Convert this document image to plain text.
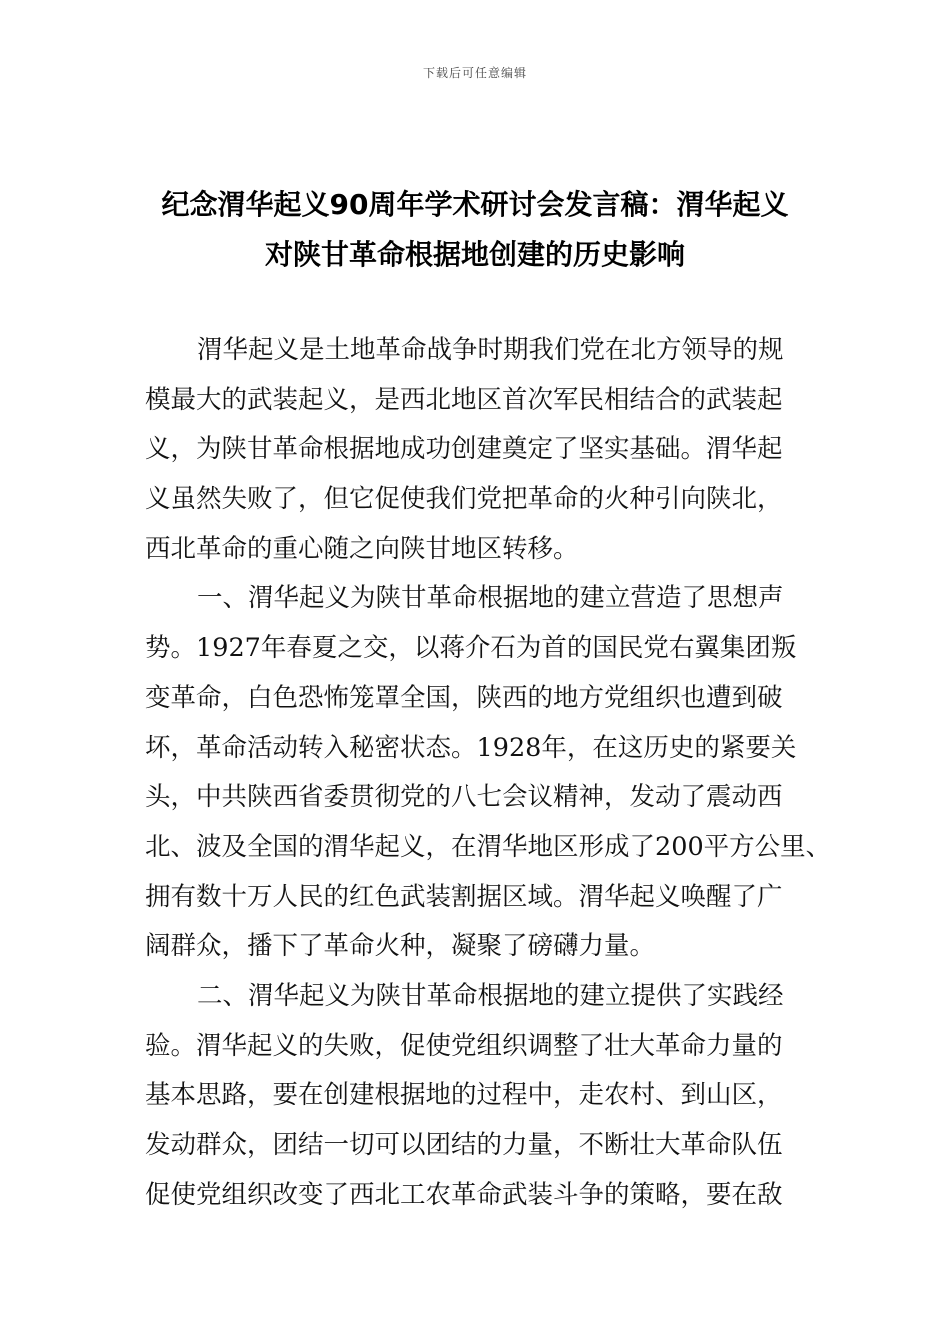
下载后可任意编辑
纪念渭华起义90周年学术研讨会发言稿：渭华起义
对陕甘革命根据地创建的历史影响
渭华起义是土地革命战争时期我们党在北方领导的规
模最大的武装起义，是西北地区首次军民相结合的武装起
义，为陕甘革命根据地成功创建奠定了坚实基础。渭华起
义虽然失败了，但它促使我们党把革命的火种引向陕北，
西北革命的重心随之向陕甘地区转移。
一、渭华起义为陕甘革命根据地的建立营造了思想声
势。1927年春夏之交，以蒋介石为首的国民党右翼集团叛
变革命，白色恐怖笼罩全国，陕西的地方党组织也遭到破
坏，革命活动转入秘密状态。1928年，在这历史的紧要关
头，中共陕西省委贯彻党的八七会议精神，发动了震动西
北、波及全国的渭华起义，在渭华地区形成了200平方公里、
拥有数十万人民的红色武装割据区域。渭华起义唤醒了广
阔群众，播下了革命火种，凝聚了磅礴力量。
二、渭华起义为陕甘革命根据地的建立提供了实践经
验。渭华起义的失败，促使党组织调整了壮大革命力量的
基本思路，要在创建根据地的过程中，走农村、到山区，
发动群众，团结一切可以团结的力量，不断壮大革命队伍
促使党组织改变了西北工农革命武装斗争的策略，要在敌
